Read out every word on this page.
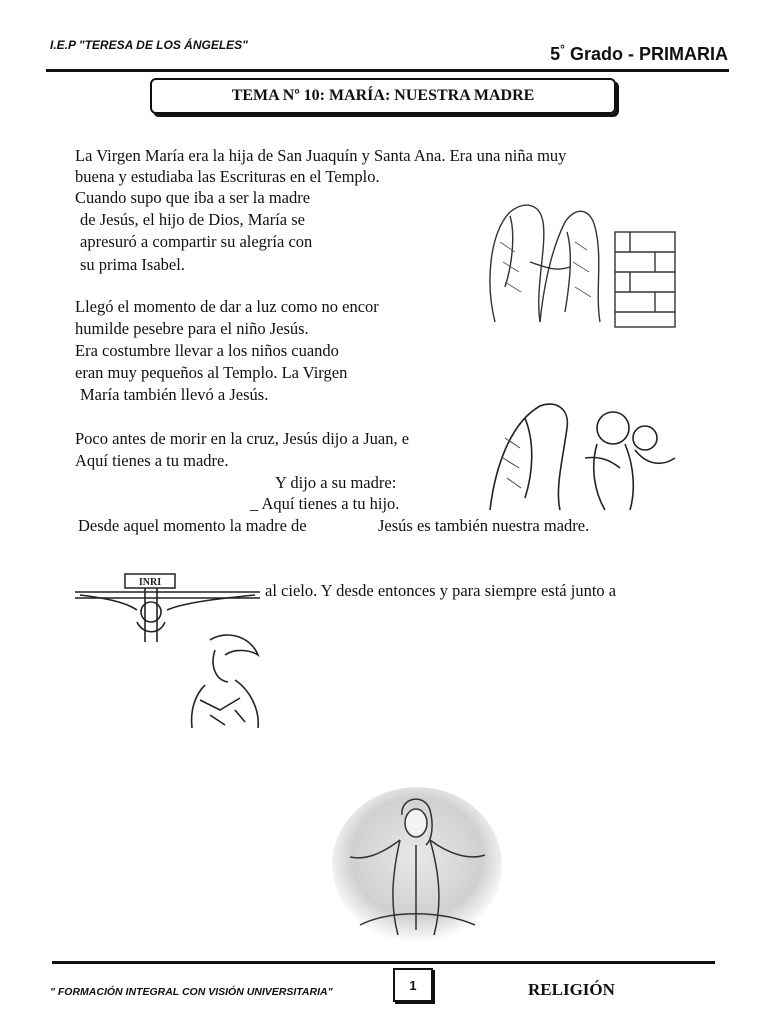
I.E.P "TERESA DE LOS ÁNGELES"	5° Grado - PRIMARIA
TEMA Nº 10: MARÍA: NUESTRA MADRE
La Virgen María era la hija de San Juaquín y Santa Ana. Era una niña muy
buena y estudiaba las Escrituras en el Templo.
Cuando supo que iba a ser la madre
de Jesús, el hijo de Dios, María se
apresuró a compartir su alegría con
su prima Isabel.
Llegó el momento de dar a luz como no encor
humilde pesebre para el niño Jesús.
Era costumbre llevar a los niños cuando
eran muy pequeños al Templo. La Virgen
María también llevó a Jesús.
Poco antes de morir en la cruz, Jesús dijo a Juan, e
Aquí tienes a tu madre.
Y dijo a su madre:
_ Aquí tienes a tu hijo.
Desde aquel momento la madre de	Jesús es también nuestra madre.
al cielo. Y desde entonces y para siempre está junto a
INRI
" FORMACIÓN INTEGRAL CON VISIÓN UNIVERSITARIA"	1	RELIGIÓN
